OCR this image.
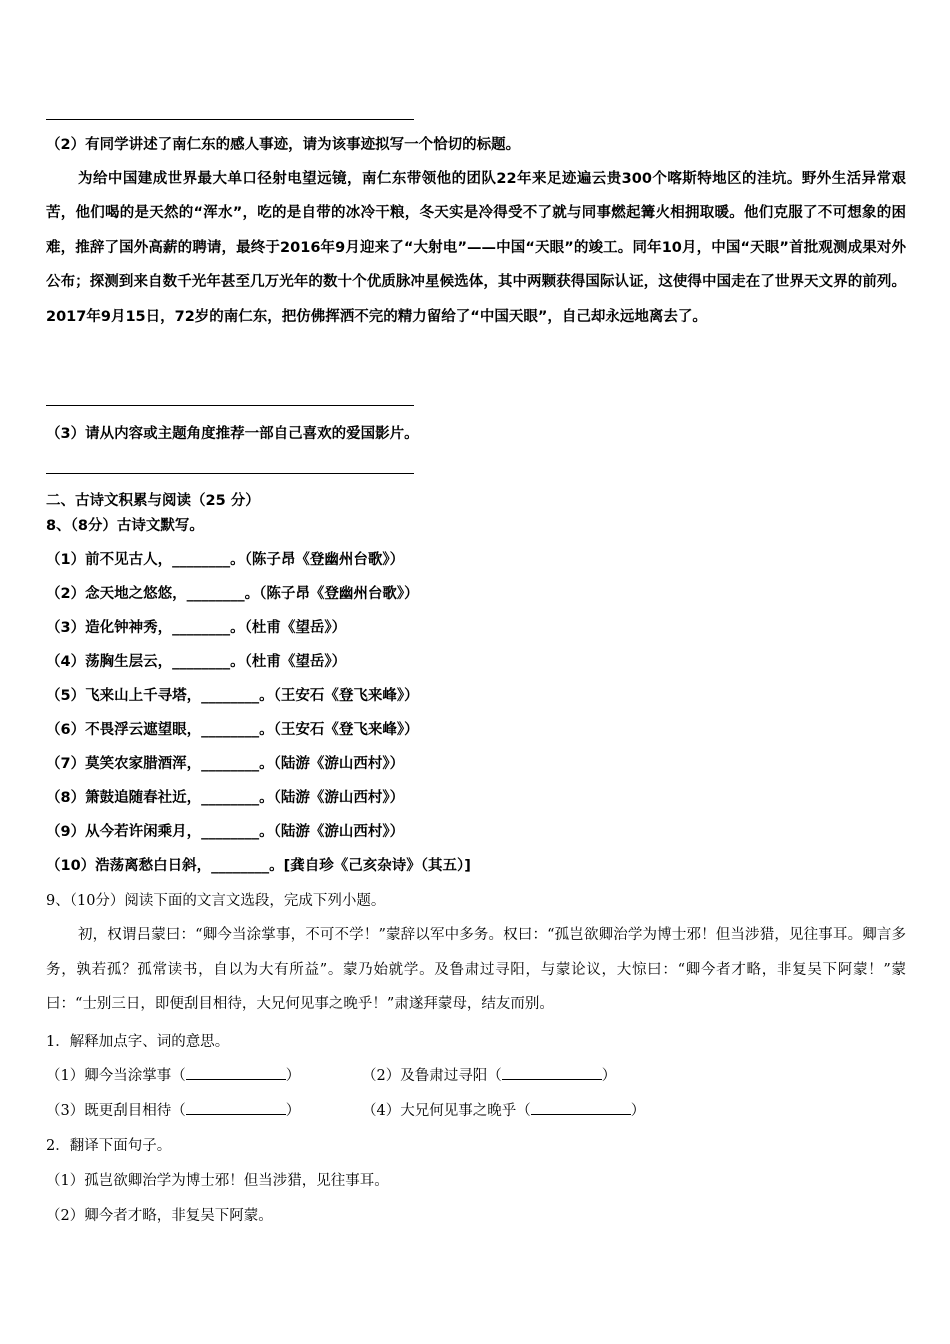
（2）有同学讲述了南仁东的感人事迹，请为该事迹拟写一个恰切的标题。
为给中国建成世界最大单口径射电望远镜，南仁东带领他的团队22年来足迹遍云贵300个喀斯特地区的洼坑。野外生活异常艰苦，他们喝的是天然的“浑水”，吃的是自带的冰冷干粮，冬天实是冷得受不了就与同事燃起篝火相拥取暖。他们克服了不可想象的困难，推辞了国外高薪的聘请，最终于2016年9月迎来了“大射电”——中国“天眼”的竣工。同年10月，中国“天眼”首批观测成果对外公布；探测到来自数千光年甚至几万光年的数十个优质脉冲星候选体，其中两颗获得国际认证，这使得中国走在了世界天文界的前列。2017年9月15日，72岁的南仁东，把仿佛挥洒不完的精力留给了“中国天眼”，自己却永远地离去了。
（3）请从内容或主题角度推荐一部自己喜欢的爱国影片。
二、古诗文积累与阅读（25 分）
8、（8分）古诗文默写。
（1）前不见古人，________。（陈子昂《登幽州台歌》）
（2）念天地之悠悠，________。（陈子昂《登幽州台歌》）
（3）造化钟神秀，________。（杜甫《望岳》）
（4）荡胸生层云，________。（杜甫《望岳》）
（5）飞来山上千寻塔，________。（王安石《登飞来峰》）
（6）不畏浮云遮望眼，________。（王安石《登飞来峰》）
（7）莫笑农家腊酒浑，________。（陆游《游山西村》）
（8）箫鼓追随春社近，________。（陆游《游山西村》）
（9）从今若许闲乘月，________。（陆游《游山西村》）
（10）浩荡离愁白日斜，________。[龚自珍《己亥杂诗》（其五）]
9、（10分）阅读下面的文言文选段，完成下列小题。
初，权谓吕蒙曰：“卿今当涂掌事，不可不学！”蒙辞以军中多务。权曰：“孤岂欲卿治学为博士邪！但当涉猎，见往事耳。卿言多务，孰若孤？孤常读书，自以为大有所益”。蒙乃始就学。及鲁肃过寻阳，与蒙论议，大惊曰：“卿今者才略，非复吴下阿蒙！”蒙曰：“士别三日，即便刮目相待，大兄何见事之晚乎！”肃遂拜蒙母，结友而别。
1．解释加点字、词的意思。
（1）卿今当涂掌事（	）	（2）及鲁肃过寻阳（	）
（3）既更刮目相待（	）	（4）大兄何见事之晚乎（	）
2．翻译下面句子。
（1）孤岂欲卿治学为博士邪！但当涉猎，见往事耳。
（2）卿今者才略，非复吴下阿蒙。
